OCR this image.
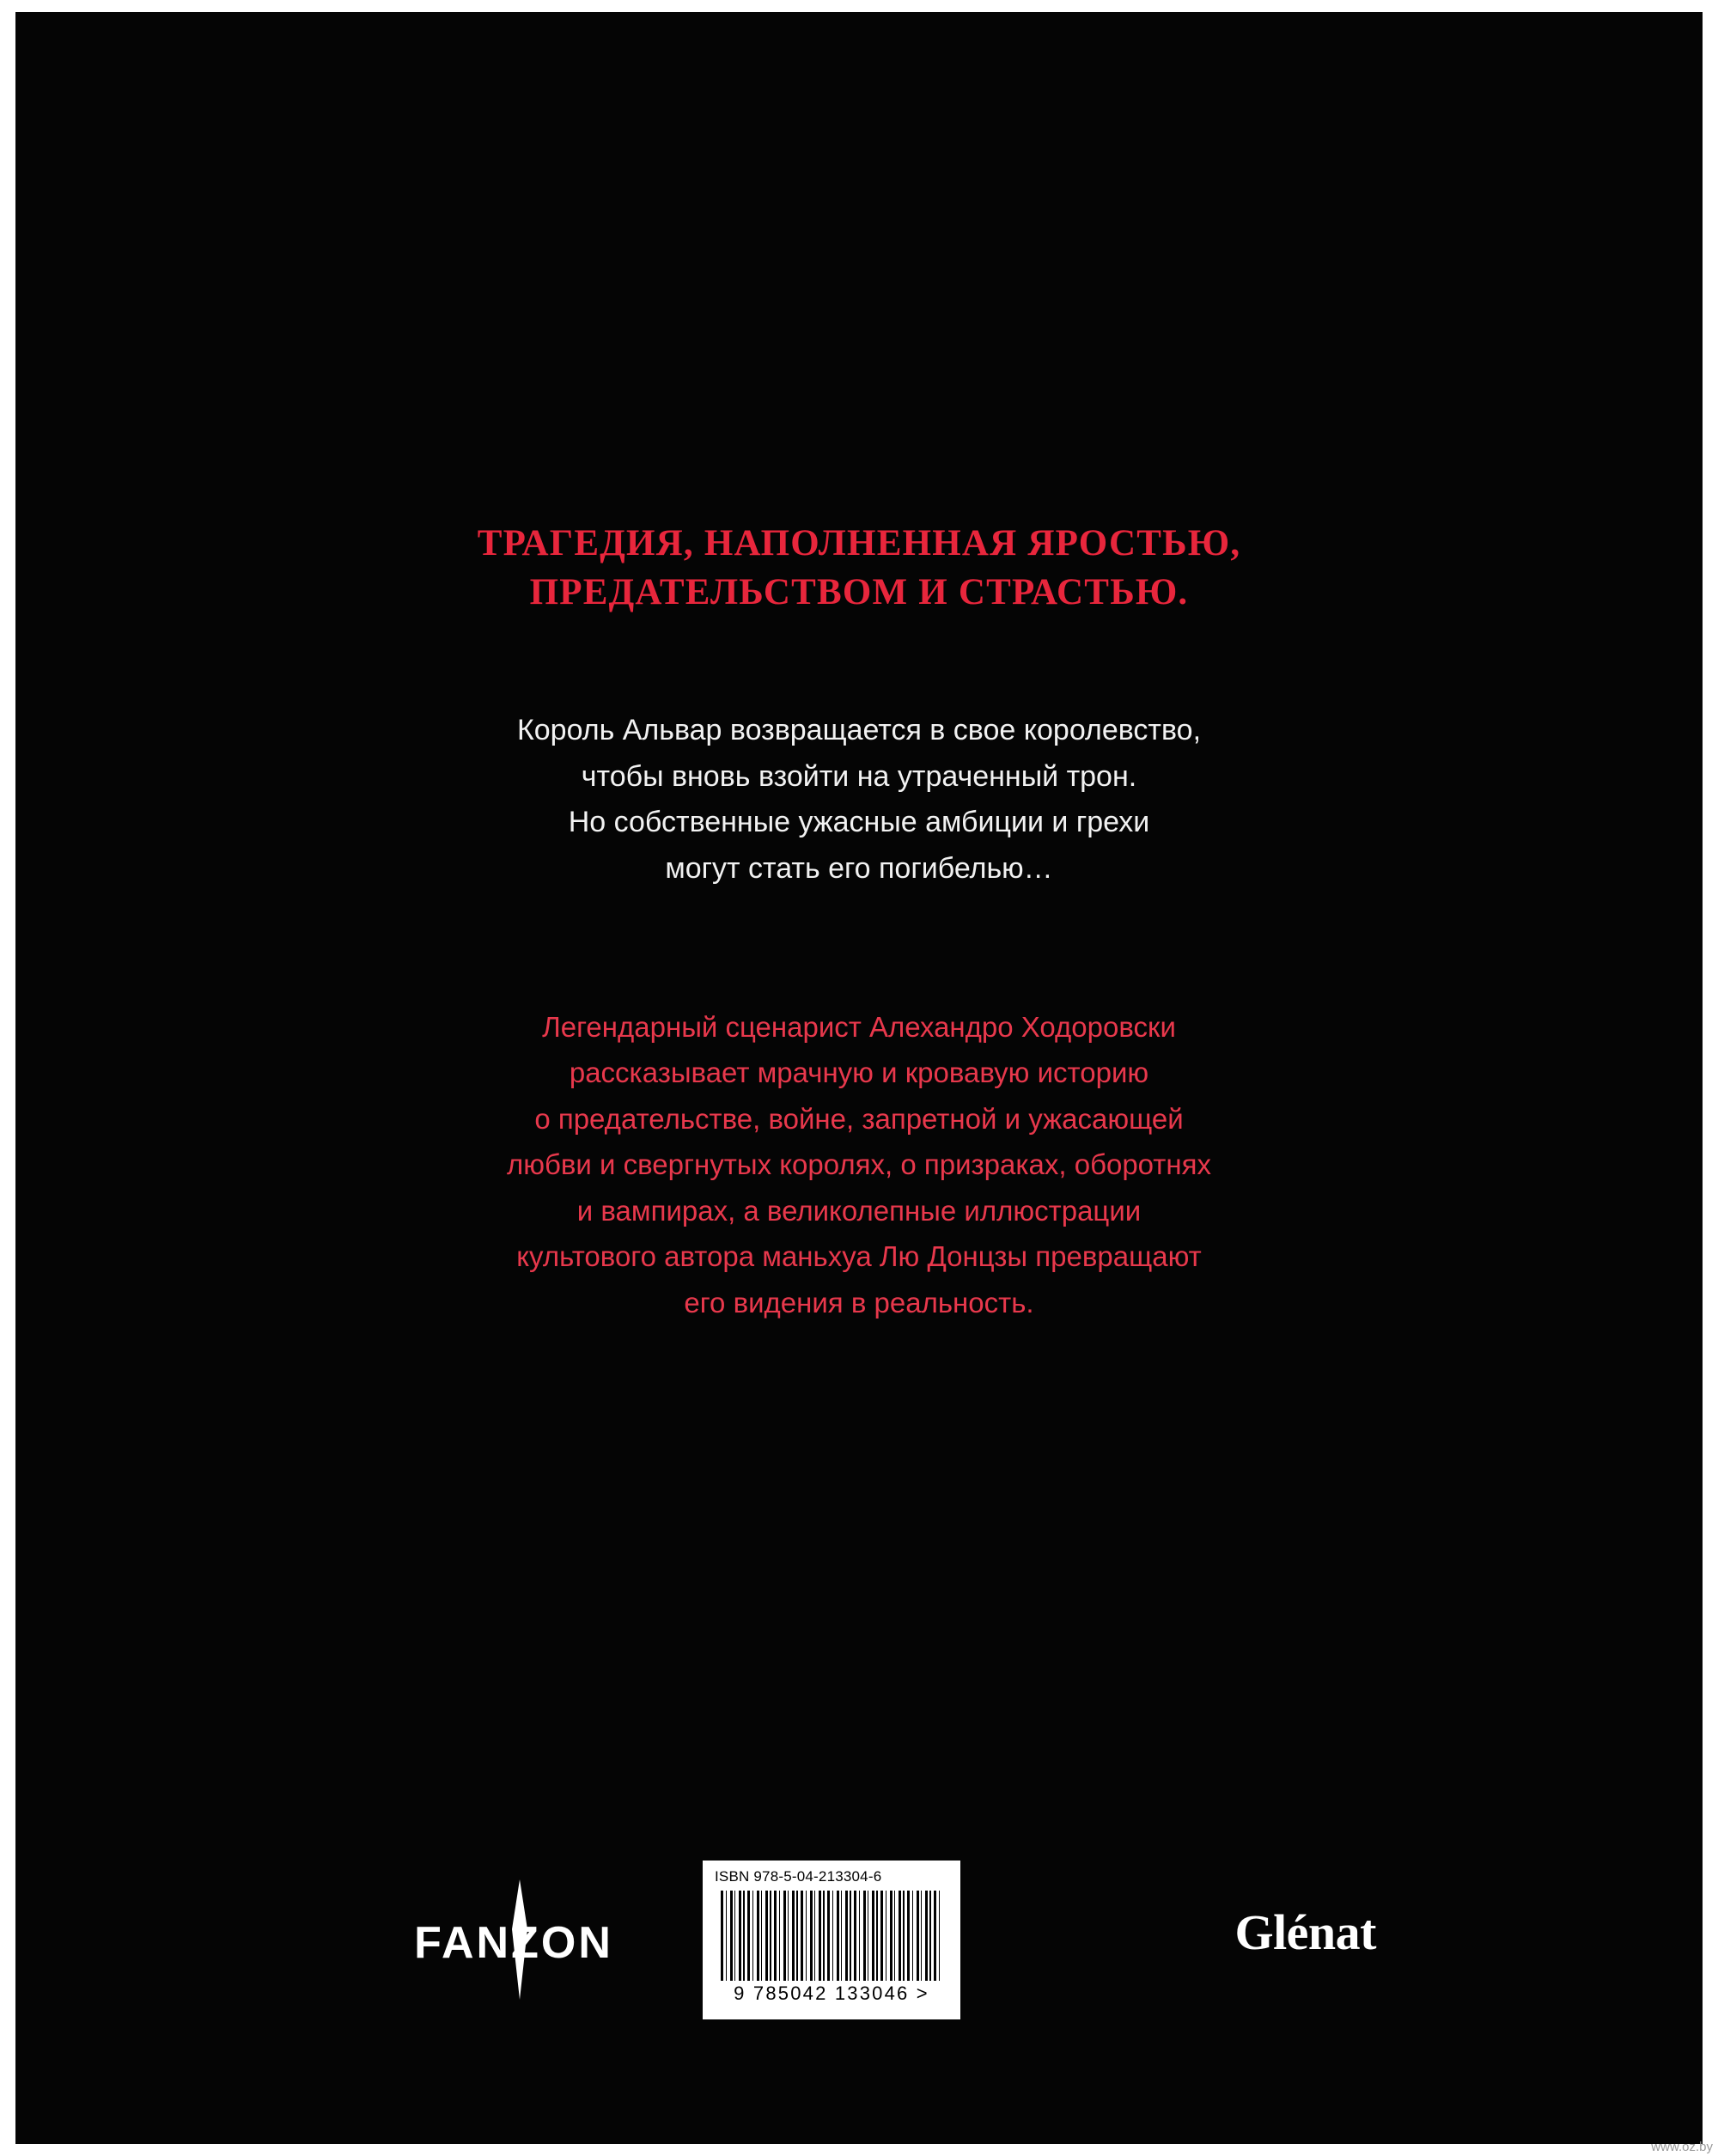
ТРАГЕДИЯ, НАПОЛНЕННАЯ ЯРОСТЬЮ,
ПРЕДАТЕЛЬСТВОМ И СТРАСТЬЮ.
Король Альвар возвращается в свое королевство,
чтобы вновь взойти на утраченный трон.
Но собственные ужасные амбиции и грехи
могут стать его погибелью…
Легендарный сценарист Алехандро Ходоровски
рассказывает мрачную и кровавую историю
о предательстве, войне, запретной и ужасающей
любви и свергнутых королях, о призраках, оборотнях
и вампирах, а великолепные иллюстрации
культового автора маньхуа Лю Донцзы превращают
его видения в реальность.
FANZON
ISBN 978-5-04-213304-6
9 785042 133046 >
Glénat
www.oz.by
